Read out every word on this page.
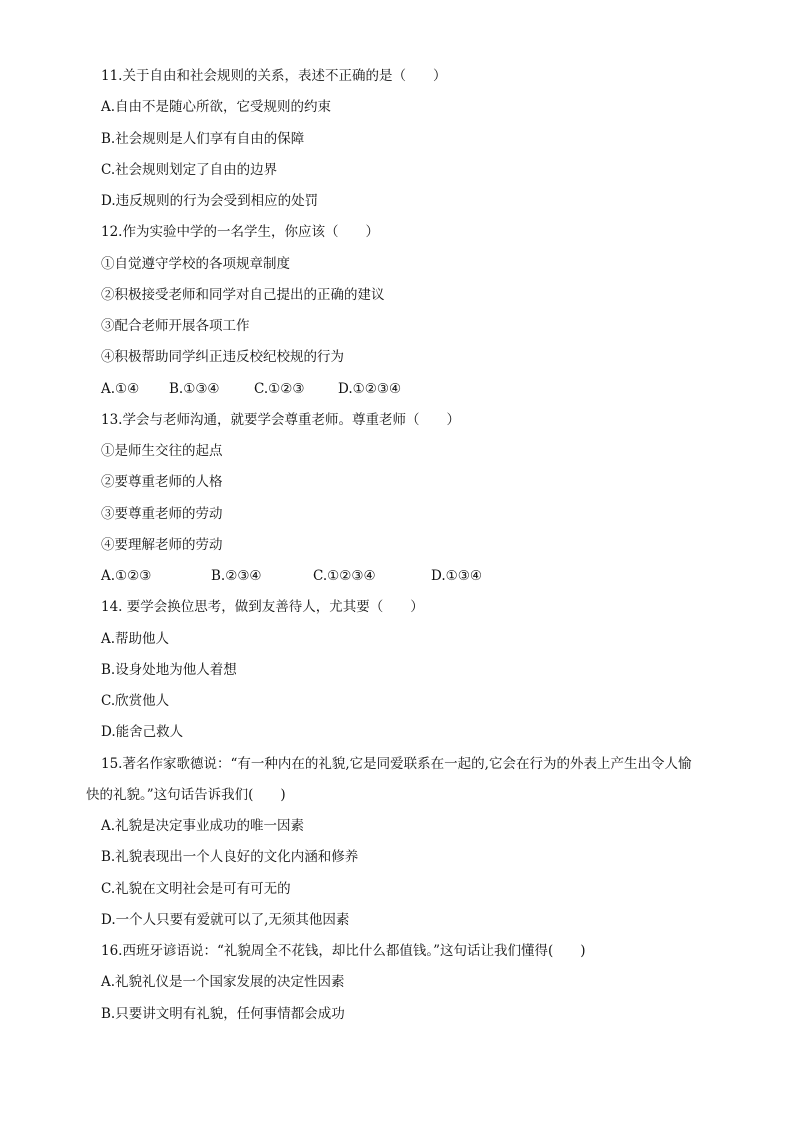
11.关于自由和社会规则的关系，表述不正确的是（　　）
A.自由不是随心所欲，它受规则的约束
B.社会规则是人们享有自由的保障
C.社会规则划定了自由的边界
D.违反规则的行为会受到相应的处罚
12.作为实验中学的一名学生，你应该（　　）
①自觉遵守学校的各项规章制度
②积极接受老师和同学对自己提出的正确的建议
③配合老师开展各项工作
④积极帮助同学纠正违反校纪校规的行为
A.①④ B.①③④	C.①②③ D.①②③④
13.学会与老师沟通，就要学会尊重老师。尊重老师（　　）
①是师生交往的起点
②要尊重老师的人格
③要尊重老师的劳动
④要理解老师的劳动
A.①②③	B.②③④	C.①②③④	D.①③④
14. 要学会换位思考，做到友善待人，尤其要（　　）
A.帮助他人
B.设身处地为他人着想
C.欣赏他人
D.能舍己救人
15.著名作家歌德说：“有一种内在的礼貌,它是同爱联系在一起的,它会在行为的外表上产生出令人愉
快的礼貌。”这句话告诉我们(　　)
A.礼貌是决定事业成功的唯一因素
B.礼貌表现出一个人良好的文化内涵和修养
C.礼貌在文明社会是可有可无的
D.一个人只要有爱就可以了,无须其他因素
16.西班牙谚语说：“礼貌周全不花钱，却比什么都值钱。”这句话让我们懂得(　　)
A.礼貌礼仪是一个国家发展的决定性因素
B.只要讲文明有礼貌，任何事情都会成功
